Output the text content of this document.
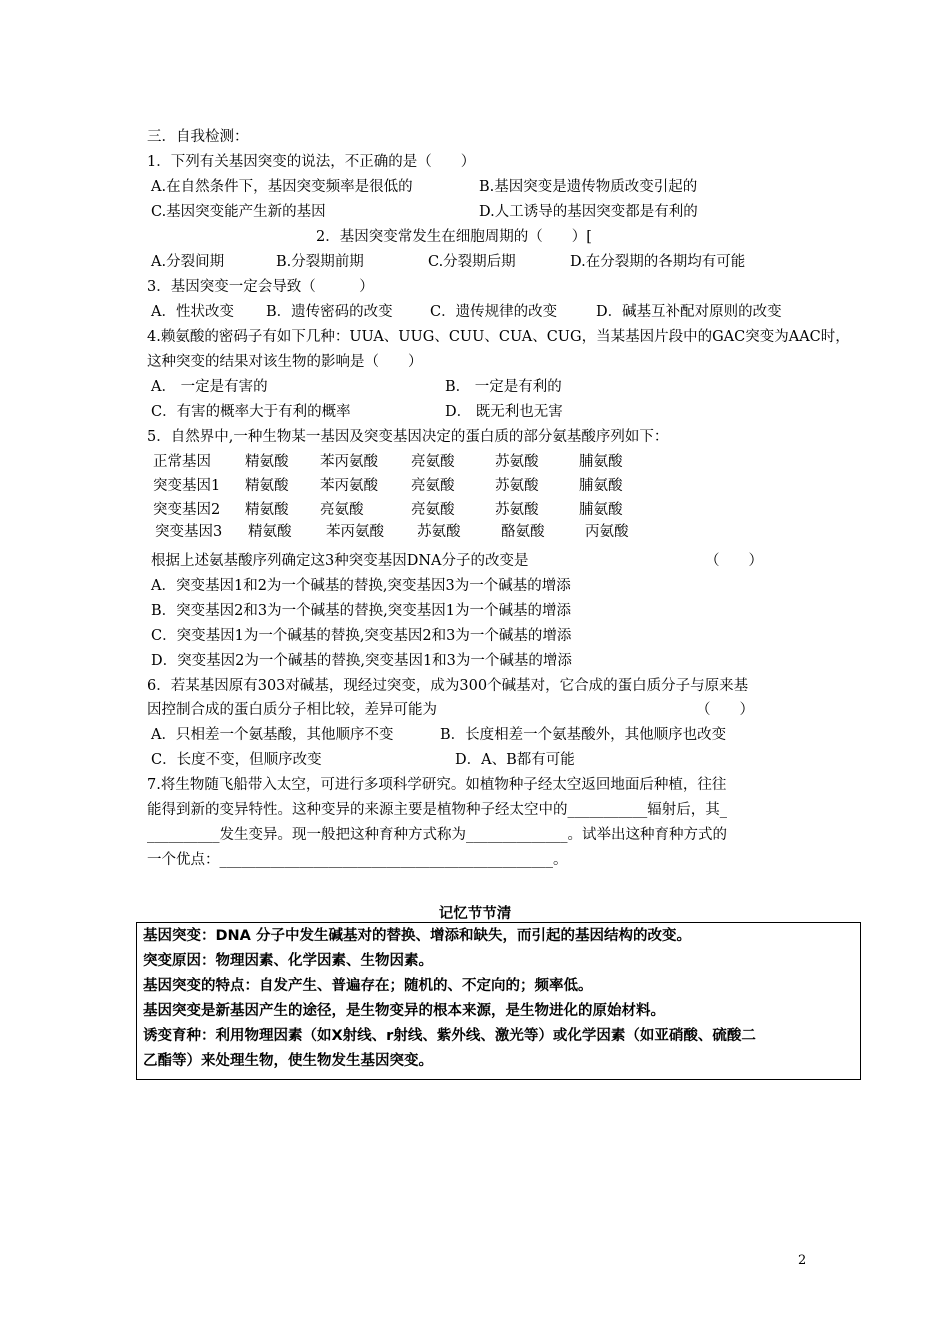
三．自我检测：
1．下列有关基因突变的说法，不正确的是（　　）
A.在自然条件下，基因突变频率是很低的	B.基因突变是遗传物质改变引起的
C.基因突变能产生新的基因	D.人工诱导的基因突变都是有利的
2．基因突变常发生在细胞周期的（　　）[
A.分裂间期	B.分裂期前期	C.分裂期后期	D.在分裂期的各期均有可能
3．基因突变一定会导致（　　　）
A．性状改变 B．遗传密码的改变	C．遗传规律的改变	D．碱基互补配对原则的改变
4.赖氨酸的密码子有如下几种：UUA、UUG、CUU、CUA、CUG，当某基因片段中的GAC突变为AAC时，
这种突变的结果对该生物的影响是（　　）
A． 一定是有害的	B． 一定是有利的
C．有害的概率大于有利的概率	D． 既无利也无害
5．自然界中,一种生物某一基因及突变基因决定的蛋白质的部分氨基酸序列如下：
正常基因 精氨酸 苯丙氨酸 亮氨酸	苏氨酸	脯氨酸
突变基因1 精氨酸 苯丙氨酸 亮氨酸	苏氨酸	脯氨酸
突变基因2 精氨酸 亮氨酸	亮氨酸	苏氨酸	脯氨酸
突变基因3 精氨酸 苯丙氨酸 苏氨酸	酪氨酸	丙氨酸
根据上述氨基酸序列确定这3种突变基因DNA分子的改变是	（　　）
A．突变基因1和2为一个碱基的替换,突变基因3为一个碱基的增添
B．突变基因2和3为一个碱基的替换,突变基因1为一个碱基的增添
C．突变基因1为一个碱基的替换,突变基因2和3为一个碱基的增添
D．突变基因2为一个碱基的替换,突变基因1和3为一个碱基的增添
6．若某基因原有303对碱基，现经过突变，成为300个碱基对，它合成的蛋白质分子与原来基
因控制合成的蛋白质分子相比较，差异可能为	（　　）
A．只相差一个氨基酸，其他顺序不变	B．长度相差一个氨基酸外，其他顺序也改变
C．长度不变，但顺序改变	D．A、B都有可能
7.将生物随飞船带入太空，可进行多项科学研究。如植物种子经太空返回地面后种植，往往
能得到新的变异特性。这种变异的来源主要是植物种子经太空中的___________辐射后，其_
__________发生变异。现一般把这种育种方式称为______________。试举出这种育种方式的
一个优点：______________________________________________。
记忆节节清
基因突变：DNA 分子中发生碱基对的替换、增添和缺失，而引起的基因结构的改变。
突变原因：物理因素、化学因素、生物因素。
基因突变的特点：自发产生、普遍存在；随机的、不定向的；频率低。
基因突变是新基因产生的途径，是生物变异的根本来源，是生物进化的原始材料。
诱变育种：利用物理因素（如Ⅹ射线、r射线、紫外线、激光等）或化学因素（如亚硝酸、硫酸二
乙酯等）来处理生物，使生物发生基因突变。
2
